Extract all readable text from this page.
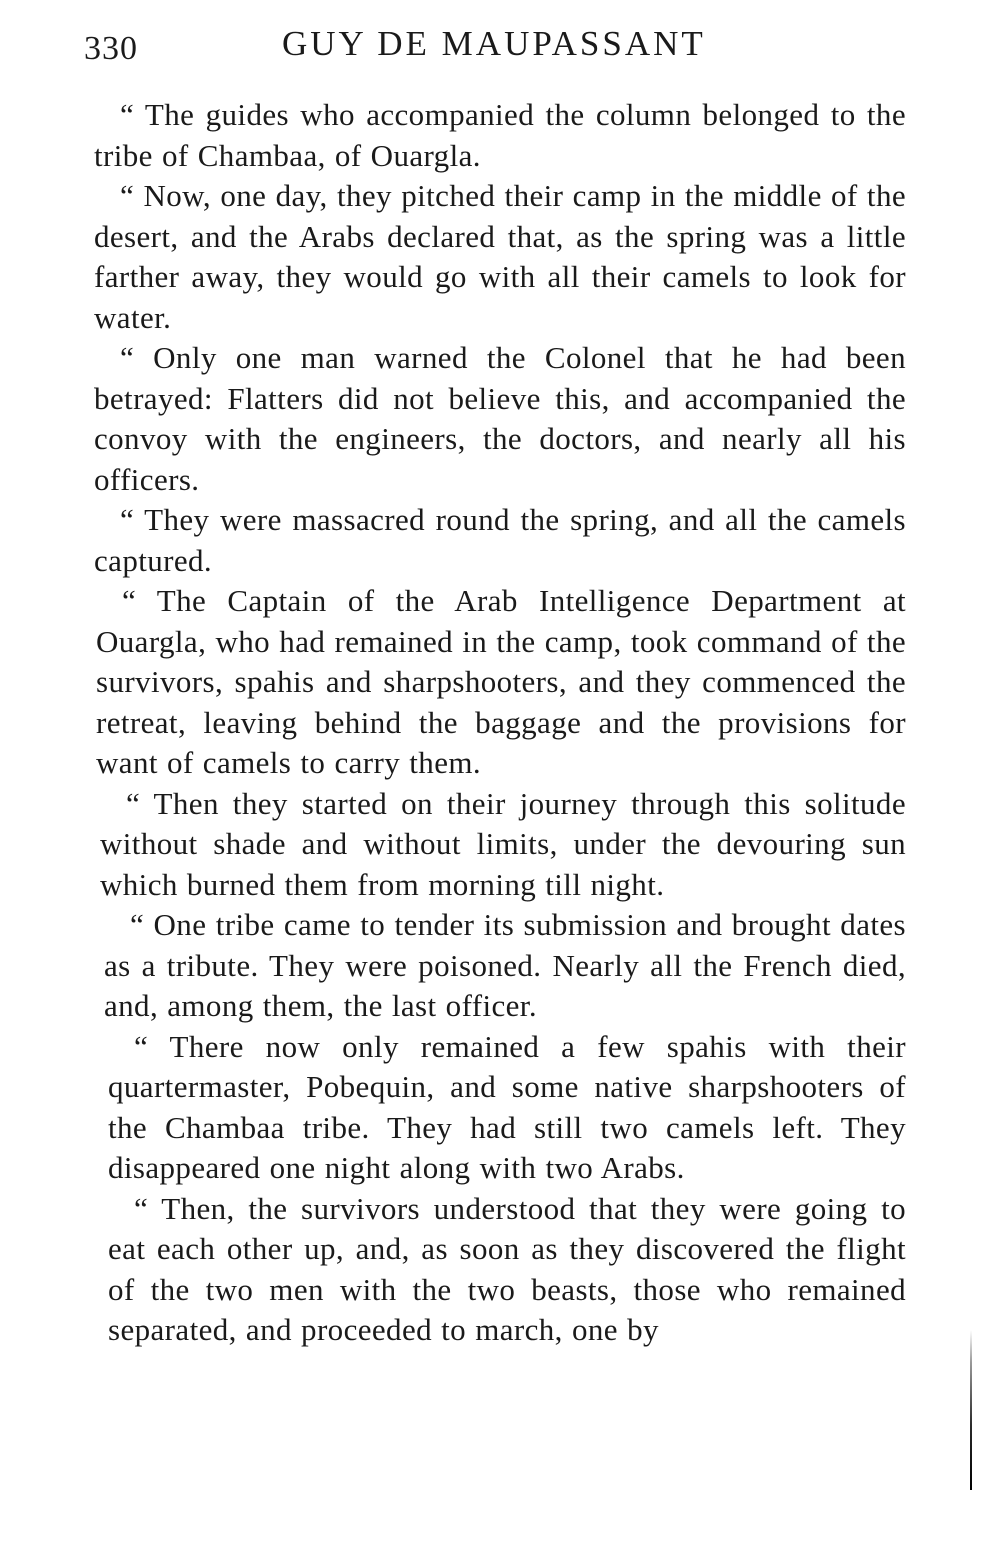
330	GUY DE MAUPASSANT

“ The guides who accompanied the column belonged to the tribe of Chambaa, of Ouargla.

“ Now, one day, they pitched their camp in the middle of the desert, and the Arabs declared that, as the spring was a little farther away, they would go with all their camels to look for water.

“ Only one man warned the Colonel that he had been betrayed: Flatters did not believe this, and accompanied the convoy with the engineers, the doctors, and nearly all his officers.

“ They were massacred round the spring, and all the camels captured.

“ The Captain of the Arab Intelligence Department at Ouargla, who had remained in the camp, took command of the survivors, spahis and sharpshooters, and they commenced the retreat, leaving behind the baggage and the provisions for want of camels to carry them.

“ Then they started on their journey through this solitude without shade and without limits, under the devouring sun which burned them from morning till night.

“ One tribe came to tender its submission and brought dates as a tribute. They were poisoned. Nearly all the French died, and, among them, the last officer.

“ There now only remained a few spahis with their quartermaster, Pobequin, and some native sharpshooters of the Chambaa tribe. They had still two camels left. They disappeared one night along with two Arabs.

“ Then, the survivors understood that they were going to eat each other up, and, as soon as they discovered the flight of the two men with the two beasts, those who remained separated, and proceeded to march, one by
